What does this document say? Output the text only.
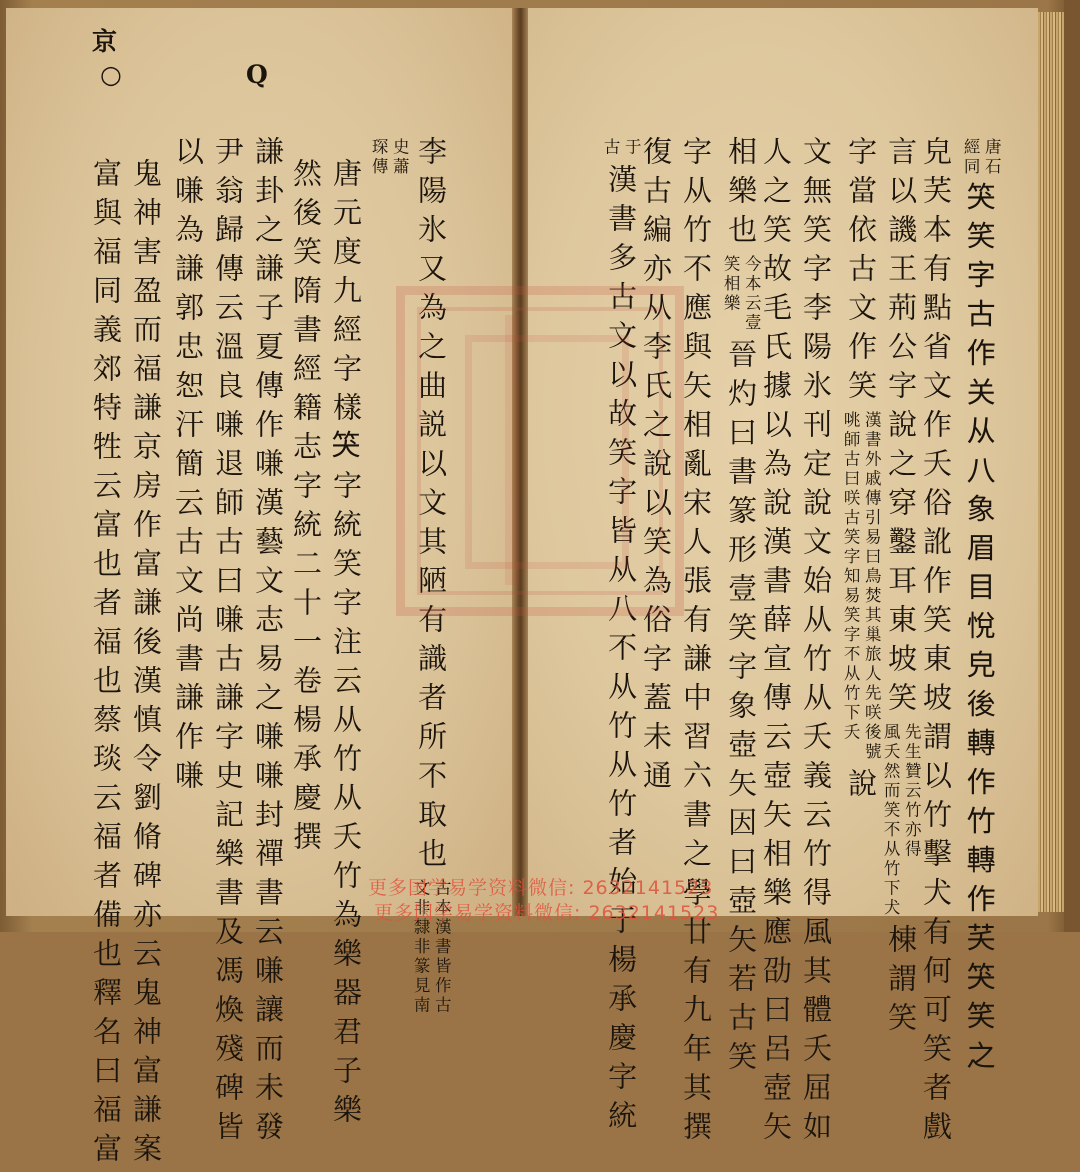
李陽氷又為之曲説以文其陋有識者所不取也
古本漢書皆作古
文非隸非篆見南
史蕭
琛傳
唐元度九經字樣𥬇字統笑字注云从竹从夭竹為樂器君子樂
然後笑隋書經籍志字統二十一卷楊承慶撰
謙卦之謙子夏傳作嗛漢藝文志易之嗛嗛封禪書云嗛讓而未發
尹翁歸傳云溫良嗛退師古曰嗛古謙字史記樂書及馮煥殘碑皆
以嗛為謙郭忠恕汗簡云古文尚書謙作嗛
鬼神害盈而福謙京房作富謙後漢慎令劉脩碑亦云鬼神富謙案
富與福同義郊特牲云富也者福也蔡琰云福者備也釋名曰福富
京
○	Q
唐石
經同
𥬇笑字古作关从八象眉目悅皃後轉作竹轉作芺𥬇笑之
皃芺本有點省文作夭俗訛作笑東坡謂以竹擊犬有何可笑者戲
言以譏王荊公字說之穿鑿耳東坡笑
先生贊云竹亦得
風夭然而笑不从竹下犬
棟謂笑
字當依古文作笑
漢書外戚傳引易曰鳥焚其巢旅人先咲後號
咷師古曰咲古笑字知易笑字不从竹下夭
說
文無笑字李陽氷刊定說文始从竹从夭義云竹得風其體夭屈如
人之笑故毛氏據以為說漢書薛宣傳云壺矢相樂應劭曰呂壺矢
相樂也
今本云壹
笑相樂
晉灼曰書篆形壹笑字象壺矢因曰壺矢若古笑
字从竹不應與矢相亂宋人張有謙中習六書之學廿有九年其撰
復古編亦从李氏之說以笑為俗字蓋未通
于
古
漢書多古文以故笑字皆从八不从竹从竹者始于楊承慶字統
更多国学易学资料微信: 2632141523
更多国学易学资料微信: 2632141523
